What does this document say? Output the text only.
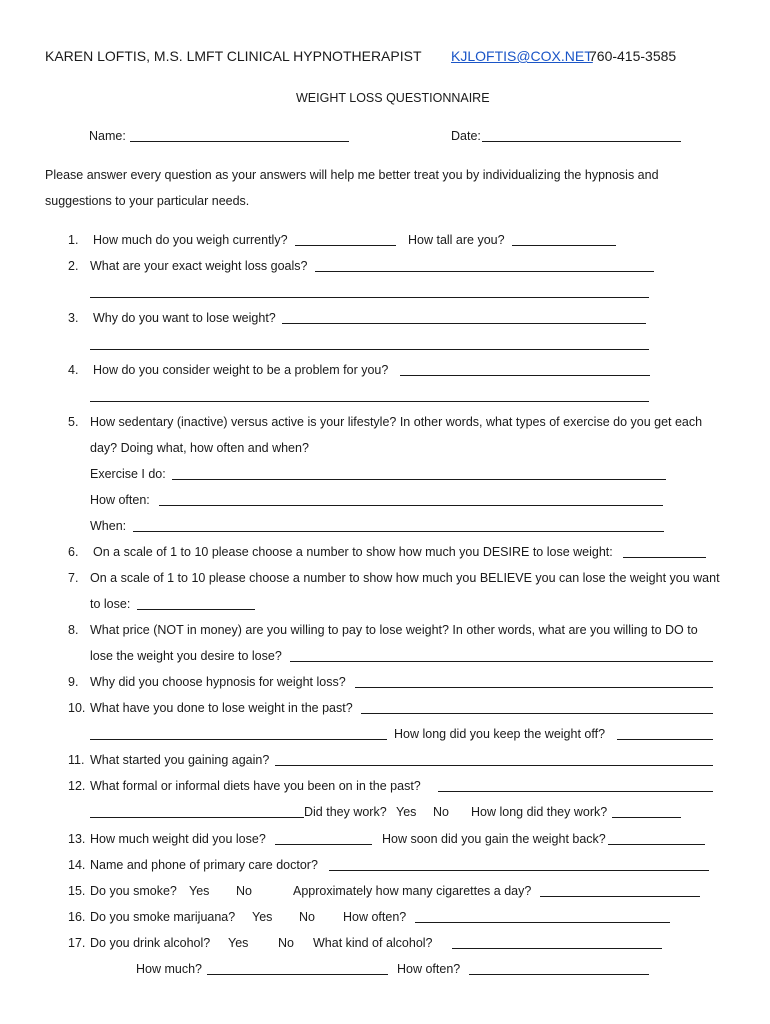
KAREN LOFTIS, M.S. LMFT CLINICAL HYPNOTHERAPIST KJLOFTIS@COX.NET
760-415-3585
WEIGHT LOSS QUESTIONNAIRE
Name:	Date:
Please answer every question as your answers will help me better treat you by individualizing the hypnosis and
suggestions to your particular needs.
1. How much do you weigh currently?	How tall are you?
2. What are your exact weight loss goals?
3. Why do you want to lose weight?
4. How do you consider weight to be a problem for you?
5. How sedentary (inactive) versus active is your lifestyle? In other words, what types of exercise do you get each
day? Doing what, how often and when?
Exercise I do:
How often:
When:
6. On a scale of 1 to 10 please choose a number to show how much you DESIRE to lose weight:
7. On a scale of 1 to 10 please choose a number to show how much you BELIEVE you can lose the weight you want
to lose:
8. What price (NOT in money) are you willing to pay to lose weight? In other words, what are you willing to DO to
lose the weight you desire to lose?
9. Why did you choose hypnosis for weight loss?
10. What have you done to lose weight in the past?
How long did you keep the weight off?
11. What started you gaining again?
12. What formal or informal diets have you been on in the past?
Did they work? Yes No How long did they work?
13. How much weight did you lose?	How soon did you gain the weight back?
14. Name and phone of primary care doctor?
15. Do you smoke? Yes No	Approximately how many cigarettes a day?
16. Do you smoke marijuana? Yes No How often?
17. Do you drink alcohol? Yes No What kind of alcohol?
How much?	How often?
